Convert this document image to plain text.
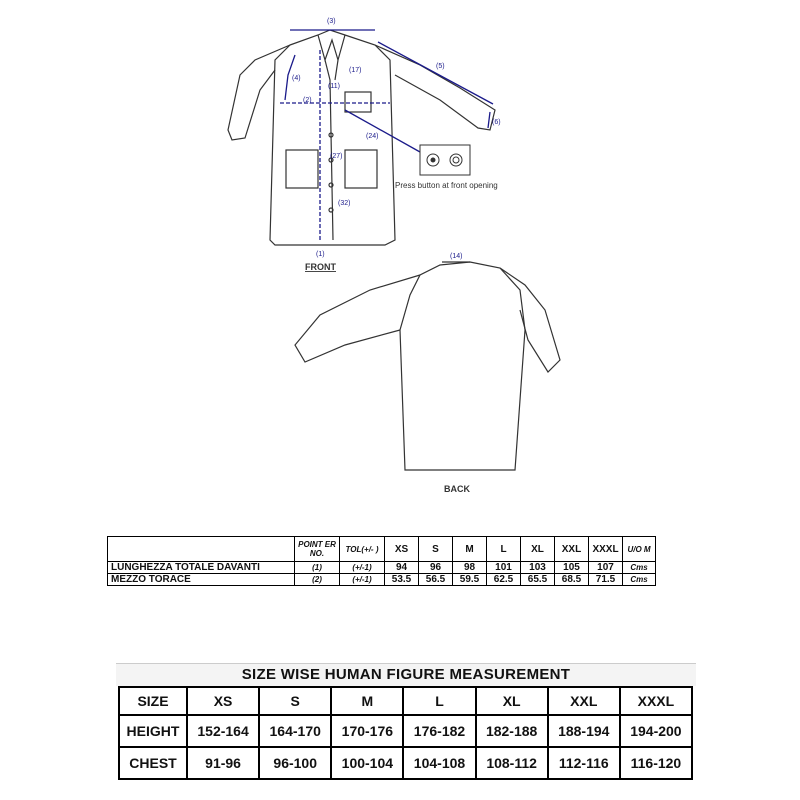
(3)
(2)
(4)
(5)
(6)
(11)
(17)
(24)
(27)
(32)
(1)	(14)
FRONT
BACK
Press button at front opening
	POINT ER NO.	TOL(+/- )	XS	S	M	L	XL	XXL	XXXL	U/O M
LUNGHEZZA TOTALE DAVANTI	(1)	(+/-1)	94	96	98	101	103	105	107	Cms
MEZZO TORACE	(2)	(+/-1)	53.5	56.5	59.5	62.5	65.5	68.5	71.5	Cms
SIZE WISE HUMAN FIGURE MEASUREMENT
SIZE	XS	S	M	L	XL	XXL	XXXL
HEIGHT	152-164	164-170	170-176	176-182	182-188	188-194	194-200
CHEST	91-96	96-100	100-104	104-108	108-112	112-116	116-120
